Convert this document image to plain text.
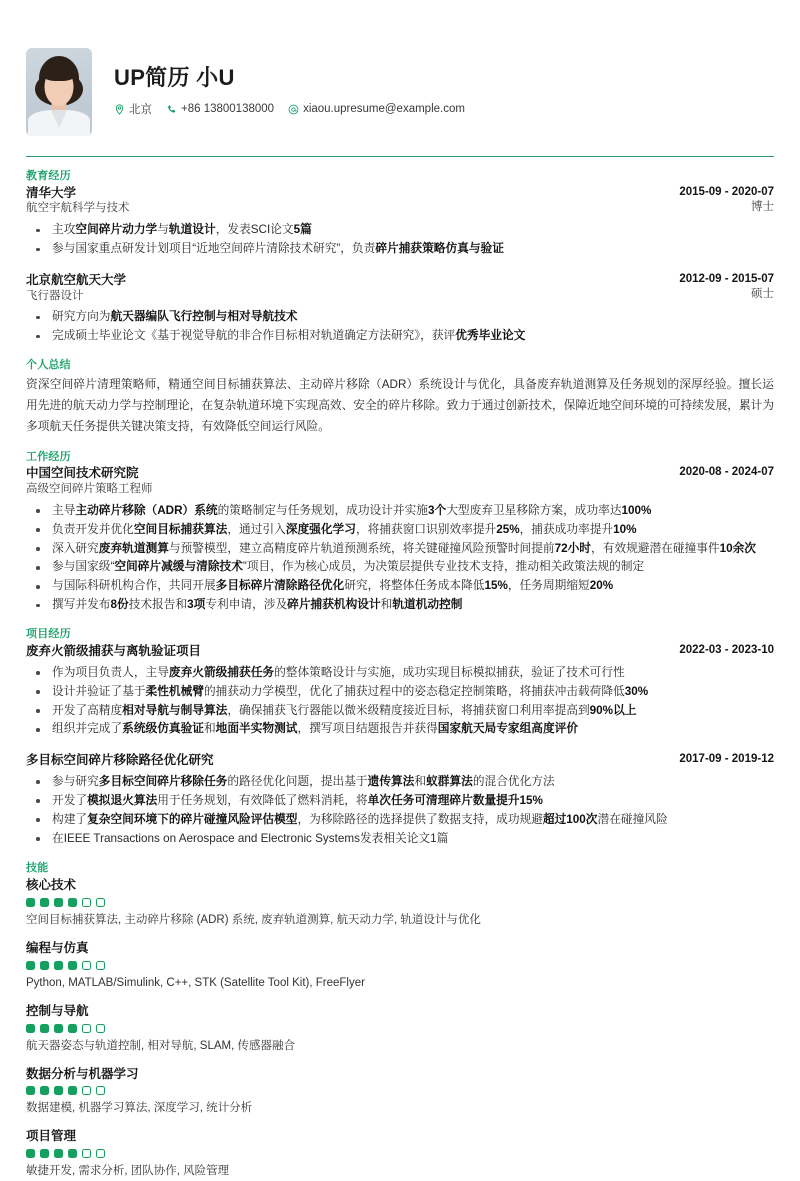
UP简历 小U
北京	+86 13800138000	xiaou.upresume@example.com
教育经历
清华大学
航空宇航科学与技术
2015-09 - 2020-07
博士
主攻空间碎片动力学与轨道设计，发表SCI论文5篇
参与国家重点研发计划项目“近地空间碎片清除技术研究”，负责碎片捕获策略仿真与验证
北京航空航天大学
飞行器设计
2012-09 - 2015-07
硕士
研究方向为航天器编队飞行控制与相对导航技术
完成硕士毕业论文《基于视觉导航的非合作目标相对轨道确定方法研究》，获评优秀毕业论文
个人总结
资深空间碎片清理策略师，精通空间目标捕获算法、主动碎片移除（ADR）系统设计与优化，具备废弃轨道测算及任务规划的深厚经验。擅长运用先进的航天动力学与控制理论，在复杂轨道环境下实现高效、安全的碎片移除。致力于通过创新技术，保障近地空间环境的可持续发展，累计为多项航天任务提供关键决策支持，有效降低空间运行风险。
工作经历
中国空间技术研究院
高级空间碎片策略工程师
2020-08 - 2024-07
主导主动碎片移除（ADR）系统的策略制定与任务规划，成功设计并实施3个大型废弃卫星移除方案，成功率达100%
负责开发并优化空间目标捕获算法，通过引入深度强化学习，将捕获窗口识别效率提升25%，捕获成功率提升10%
深入研究废弃轨道测算与预警模型，建立高精度碎片轨道预测系统，将关键碰撞风险预警时间提前72小时，有效规避潜在碰撞事件10余次
参与国家级“空间碎片减缓与清除技术”项目，作为核心成员，为决策层提供专业技术支持，推动相关政策法规的制定
与国际科研机构合作，共同开展多目标碎片清除路径优化研究，将整体任务成本降低15%，任务周期缩短20%
撰写并发布8份技术报告和3项专利申请，涉及碎片捕获机构设计和轨道机动控制
项目经历
废弃火箭级捕获与离轨验证项目	2022-03 - 2023-10
作为项目负责人，主导废弃火箭级捕获任务的整体策略设计与实施，成功实现目标模拟捕获，验证了技术可行性
设计并验证了基于柔性机械臂的捕获动力学模型，优化了捕获过程中的姿态稳定控制策略，将捕获冲击载荷降低30%
开发了高精度相对导航与制导算法，确保捕获飞行器能以微米级精度接近目标，将捕获窗口利用率提高到90%以上
组织并完成了系统级仿真验证和地面半实物测试，撰写项目结题报告并获得国家航天局专家组高度评价
多目标空间碎片移除路径优化研究	2017-09 - 2019-12
参与研究多目标空间碎片移除任务的路径优化问题，提出基于遗传算法和蚁群算法的混合优化方法
开发了模拟退火算法用于任务规划，有效降低了燃料消耗，将单次任务可清理碎片数量提升15%
构建了复杂空间环境下的碎片碰撞风险评估模型，为移除路径的选择提供了数据支持，成功规避超过100次潜在碰撞风险
在IEEE Transactions on Aerospace and Electronic Systems发表相关论文1篇
技能
核心技术
空间目标捕获算法, 主动碎片移除 (ADR) 系统, 废弃轨道测算, 航天动力学, 轨道设计与优化
编程与仿真
Python, MATLAB/Simulink, C++, STK (Satellite Tool Kit), FreeFlyer
控制与导航
航天器姿态与轨道控制, 相对导航, SLAM, 传感器融合
数据分析与机器学习
数据建模, 机器学习算法, 深度学习, 统计分析
项目管理
敏捷开发, 需求分析, 团队协作, 风险管理
